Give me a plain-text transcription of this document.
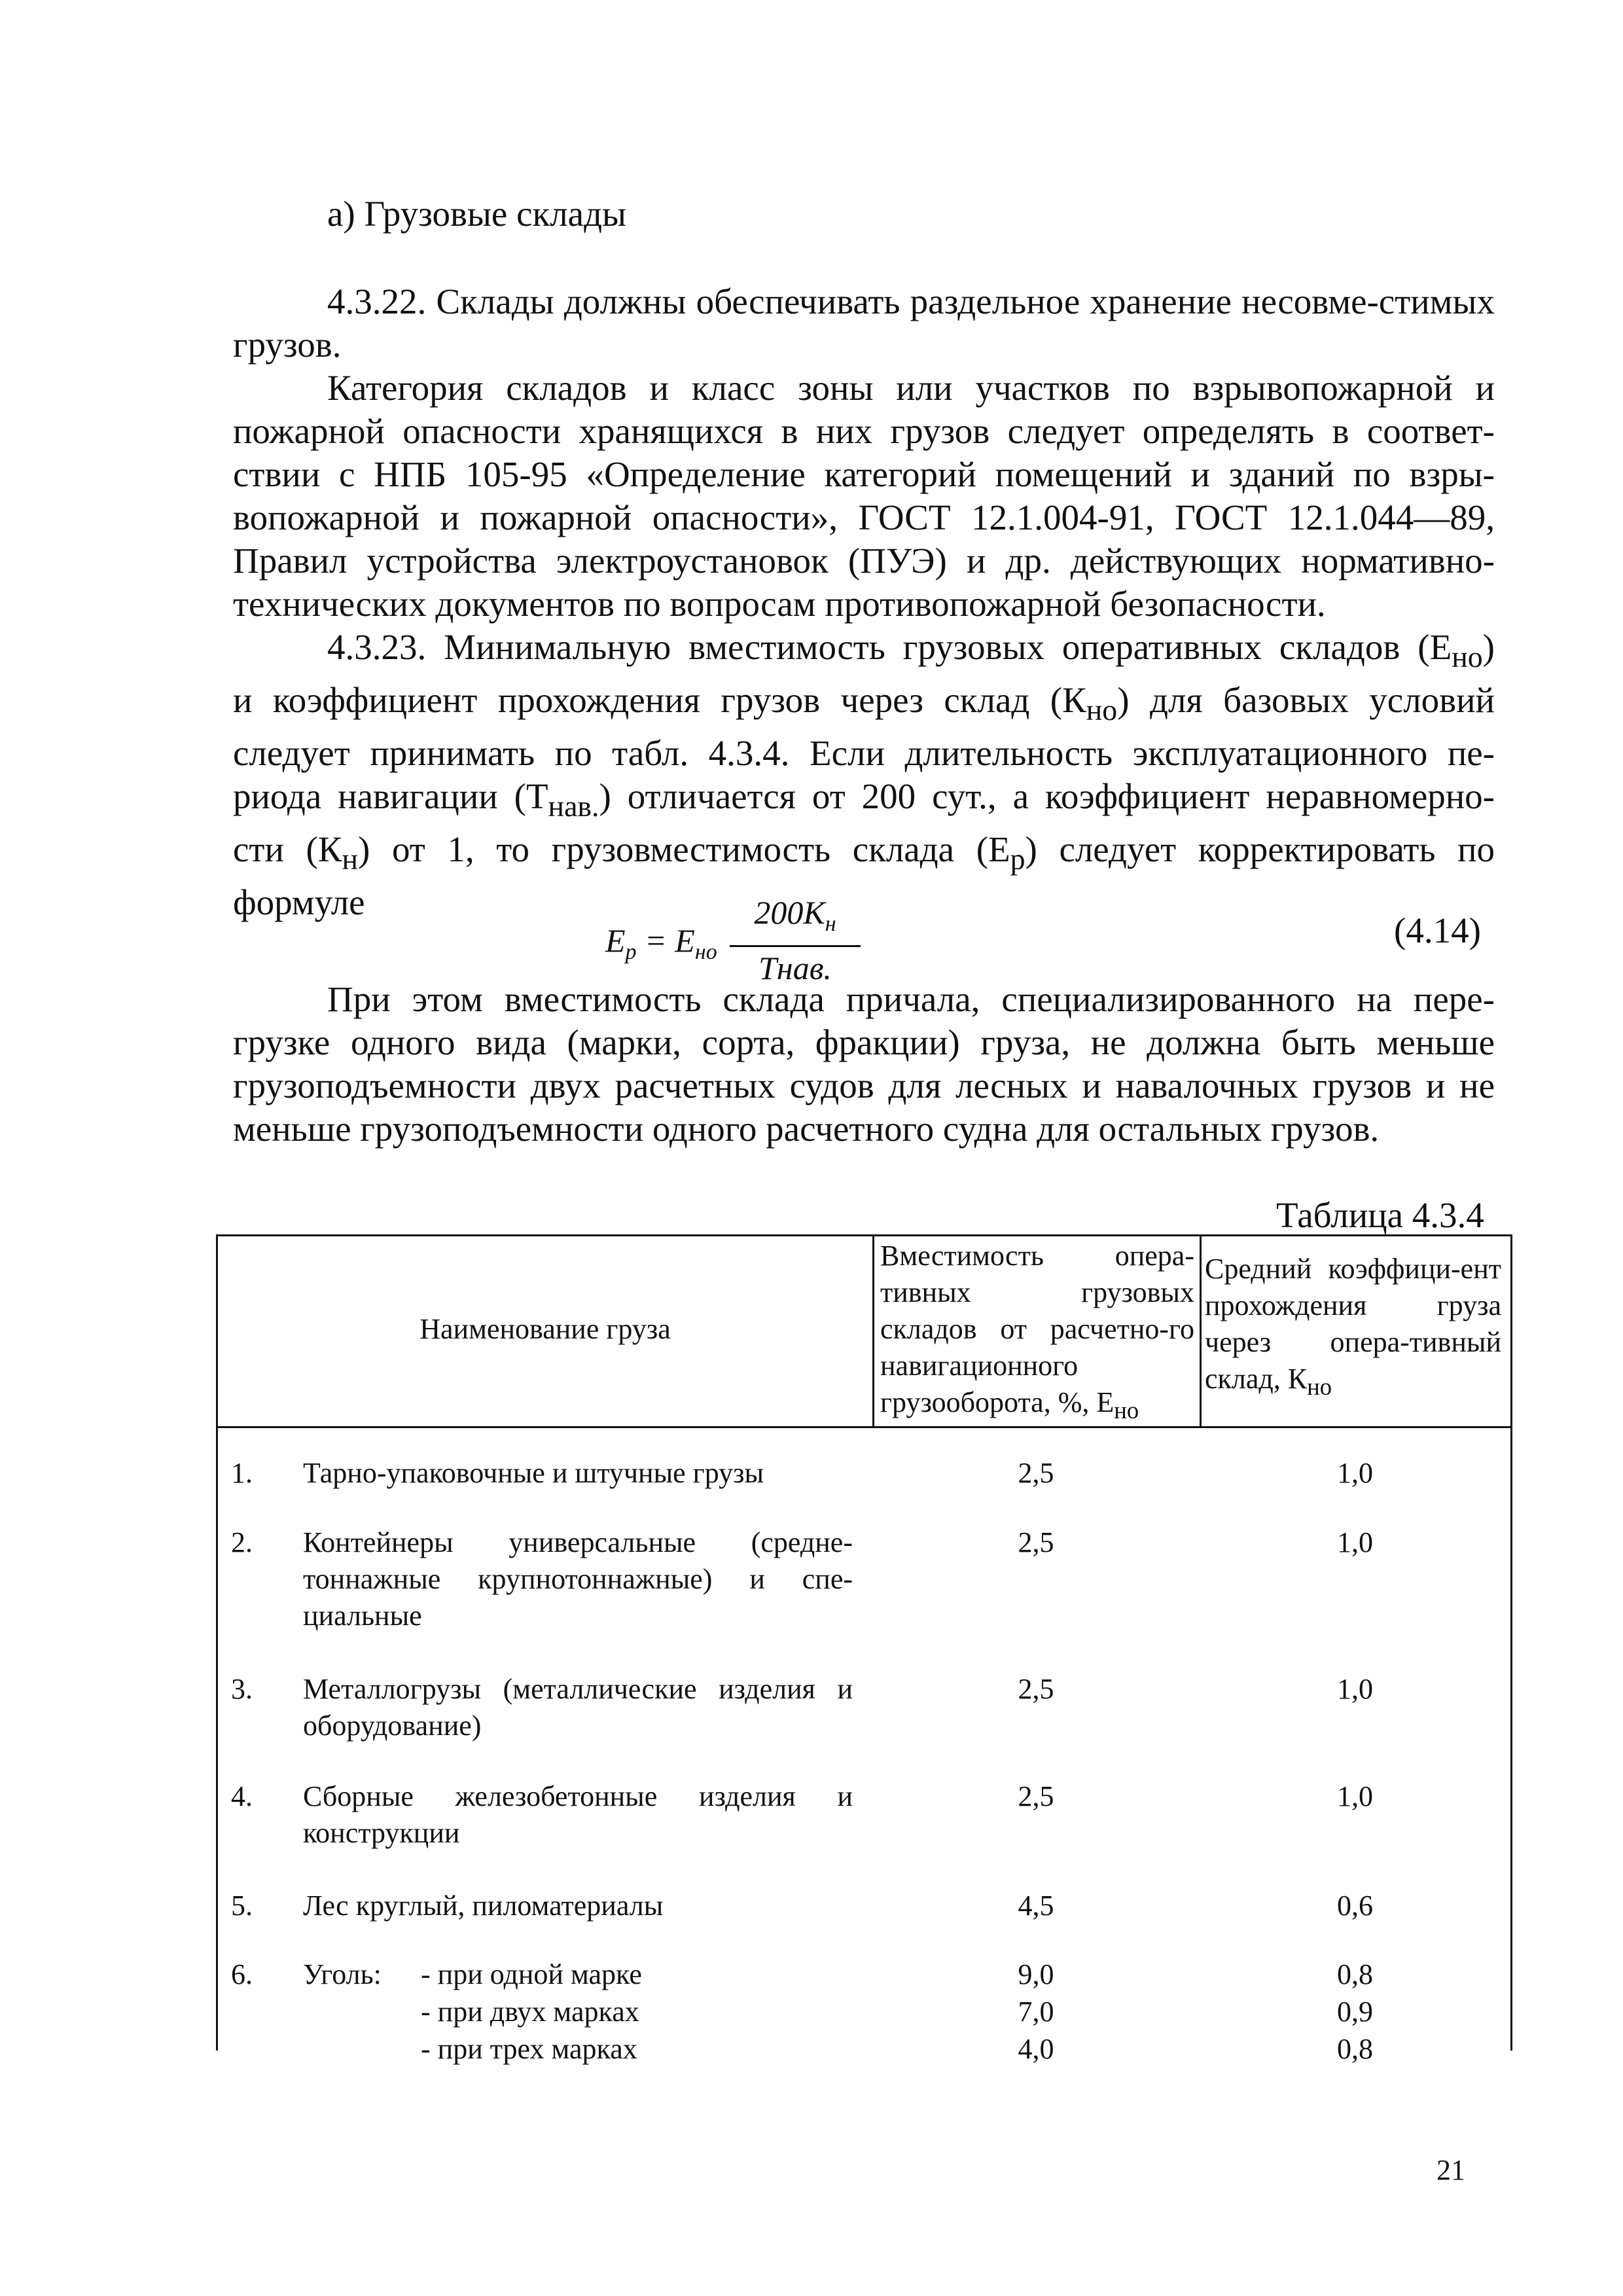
а) Грузовые склады

4.3.22. Склады должны обеспечивать раздельное хранение несовме-стимых грузов.

Категория складов и класс зоны или участков по взрывопожарной и пожарной опасности хранящихся в них грузов следует определять в соответ-ствии с НПБ 105-95 «Определение категорий помещений и зданий по взры-вопожарной и пожарной опасности», ГОСТ 12.1.004-91, ГОСТ 12.1.044—89, Правил устройства электроустановок (ПУЭ) и др. действующих нормативно-технических документов по вопросам противопожарной безопасности.

4.3.23. Минимальную вместимость грузовых оперативных складов $(Е_{но})$
и коэффициент прохождения грузов через склад $(К_{но})$ для базовых условий
следует принимать по табл. 4.3.4. Если длительность эксплуатационного пе-
риода навигации $(Т_{нав.})$ отличается от 200 сут., а коэффициент неравномерно-
сти $(К_н)$ от 1, то грузовместимость склада $(Е_р)$ следует корректировать по
формуле
$E_р = E_{но}$
$200K_н$
Тнав.
(4.14)

При этом вместимость склада причала, специализированного на пере-грузке одного вида (марки, сорта, фракции) груза, не должна быть меньше грузоподъемности двух расчетных судов для лесных и навалочных грузов и не меньше грузоподъемности одного расчетного судна для остальных грузов.

Таблица 4.3.4
Наименование груза
Вместимость опера-тивных грузовых складов от расчетно-го навигационного грузооборота, %, $Е_{но}$
Средний коэффици-ент прохождения груза через опера-тивный склад, $К_{но}$
1. Тарно-упаковочные и штучные грузы	2,5	1,0
2. Контейнеры универсальные (средне-тоннажные крупнотоннажные) и спе-циальные
2,5	1,0
3. Металлогрузы (металлические изделия и оборудование)
2,5	1,0
4. Сборные железобетонные изделия и конструкции
2,5	1,0
5. Лес круглый, пиломатериалы	4,5	0,6
6. Уголь: - при одной марке	9,0	0,8
- при двух марках	7,0	0,9
- при трех марках	4,0	0,8
21
